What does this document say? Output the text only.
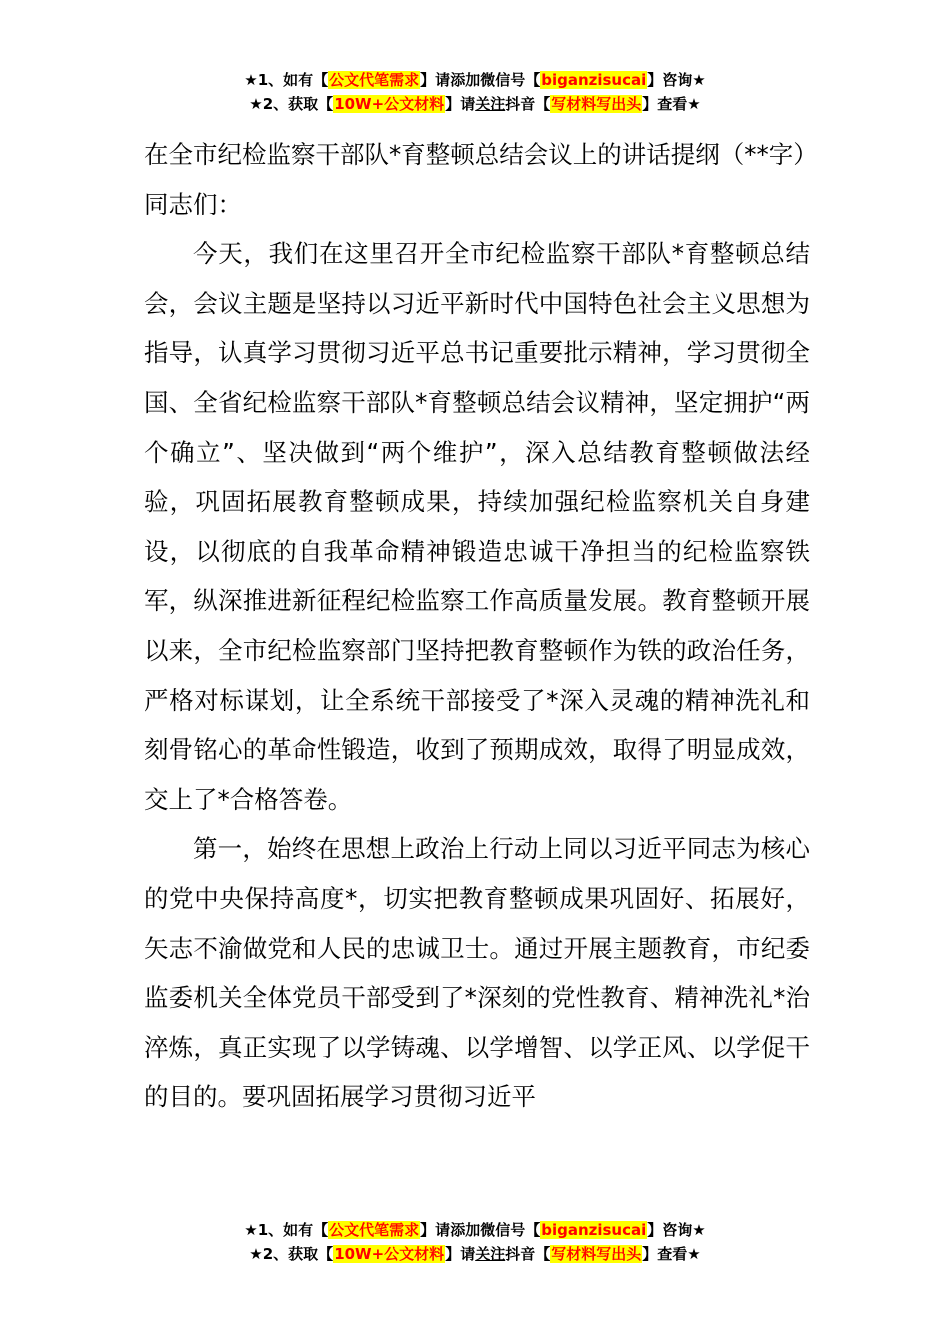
★1、如有【公文代笔需求】请添加微信号【biganzisucai】咨询★
★2、获取【10W+公文材料】请关注抖音【写材料写出头】查看★

在全市纪检监察干部队*育整顿总结会议上的讲话提纲（**字）

同志们：

今天，我们在这里召开全市纪检监察干部队*育整顿总结会，会议主题是坚持以习近平新时代中国特色社会主义思想为指导，认真学习贯彻习近平总书记重要批示精神，学习贯彻全国、全省纪检监察干部队*育整顿总结会议精神，坚定拥护“两个确立”、坚决做到“两个维护”，深入总结教育整顿做法经验，巩固拓展教育整顿成果，持续加强纪检监察机关自身建设，以彻底的自我革命精神锻造忠诚干净担当的纪检监察铁军，纵深推进新征程纪检监察工作高质量发展。教育整顿开展以来，全市纪检监察部门坚持把教育整顿作为铁的政治任务，严格对标谋划，让全系统干部接受了*深入灵魂的精神洗礼和刻骨铭心的革命性锻造，收到了预期成效，取得了明显成效，交上了*合格答卷。

第一，始终在思想上政治上行动上同以习近平同志为核心的党中央保持高度*，切实把教育整顿成果巩固好、拓展好，矢志不渝做党和人民的忠诚卫士。通过开展主题教育，市纪委监委机关全体党员干部受到了*深刻的党性教育、精神洗礼*治淬炼，真正实现了以学铸魂、以学增智、以学正风、以学促干的目的。要巩固拓展学习贯彻习近平

★1、如有【公文代笔需求】请添加微信号【biganzisucai】咨询★
★2、获取【10W+公文材料】请关注抖音【写材料写出头】查看★
